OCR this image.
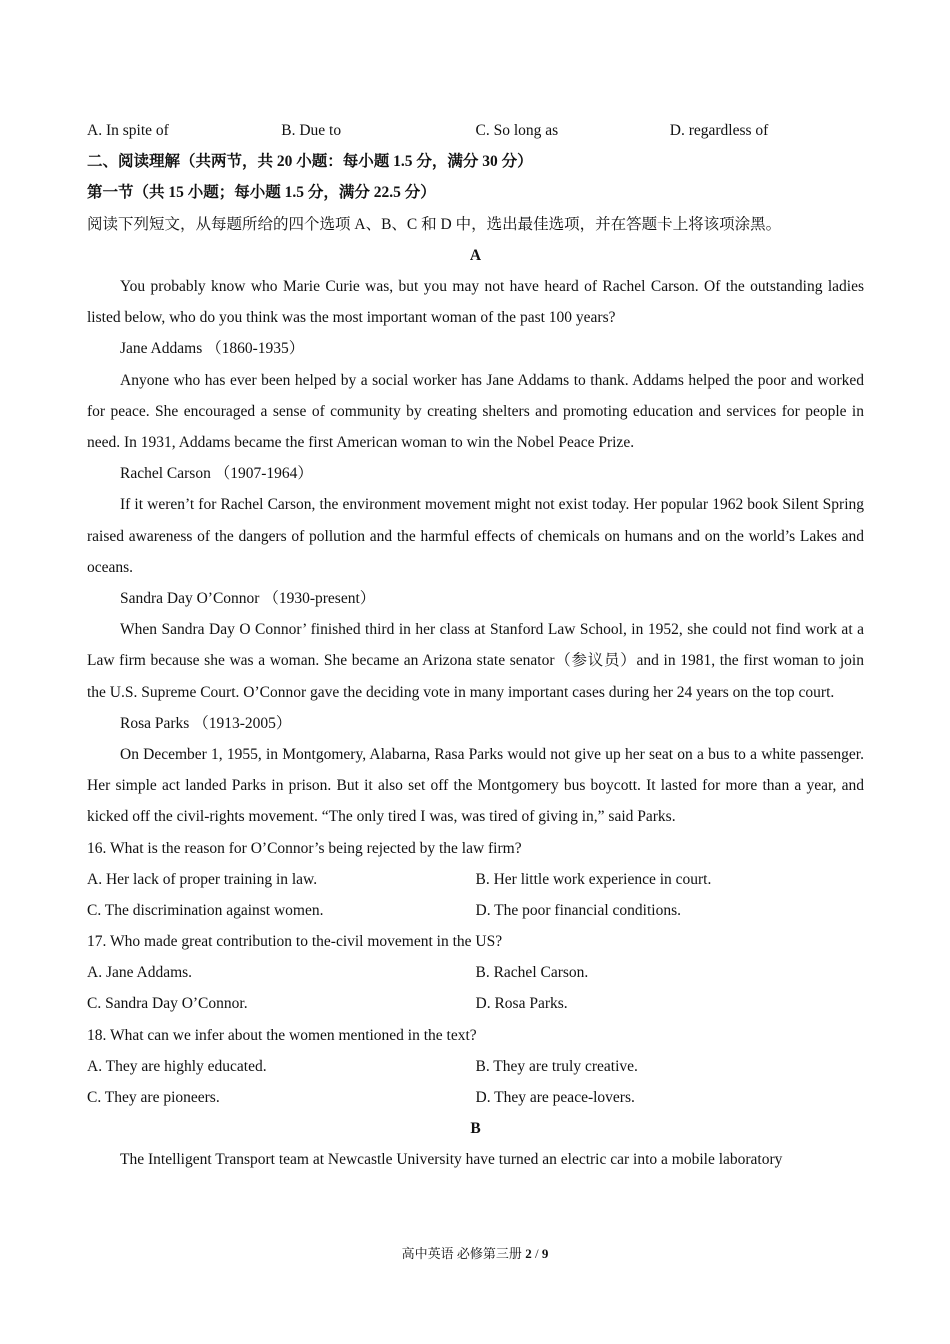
A. In spite of	B. Due to	C. So long as	D. regardless of
二、阅读理解（共两节，共 20 小题：每小题 1.5 分，满分 30 分）
第一节（共 15 小题；每小题 1.5 分，满分 22.5 分）
阅读下列短文，从每题所给的四个选项 A、B、C 和 D 中，选出最佳选项，并在答题卡上将该项涂黑。
A
You probably know who Marie Curie was, but you may not have heard of Rachel Carson. Of the outstanding ladies listed below, who do you think was the most important woman of the past 100 years?
Jane Addams （1860-1935）
Anyone who has ever been helped by a social worker has Jane Addams to thank. Addams helped the poor and worked for peace. She encouraged a sense of community by creating shelters and promoting education and services for people in need. In 1931, Addams became the first American woman to win the Nobel Peace Prize.
Rachel Carson （1907-1964）
If it weren’t for Rachel Carson, the environment movement might not exist today. Her popular 1962 book Silent Spring raised awareness of the dangers of pollution and the harmful effects of chemicals on humans and on the world’s Lakes and oceans.
Sandra Day O’Connor （1930-present）
When Sandra Day O Connor’ finished third in her class at Stanford Law School, in 1952, she could not find work at a Law firm because she was a woman. She became an Arizona state senator（参议员）and in 1981, the first woman to join the U.S. Supreme Court. O’Connor gave the deciding vote in many important cases during her 24 years on the top court.
Rosa Parks （1913-2005）
On December 1, 1955, in Montgomery, Alabarna, Rasa Parks would not give up her seat on a bus to a white passenger. Her simple act landed Parks in prison. But it also set off the Montgomery bus boycott. It lasted for more than a year, and kicked off the civil-rights movement. “The only tired I was, was tired of giving in,” said Parks.
16. What is the reason for O’Connor’s being rejected by the law firm?
A. Her lack of proper training in law.	B. Her little work experience in court.
C. The discrimination against women.	D. The poor financial conditions.
17. Who made great contribution to the-civil movement in the US?
A. Jane Addams.	B. Rachel Carson.
C. Sandra Day O’Connor.	D. Rosa Parks.
18. What can we infer about the women mentioned in the text?
A. They are highly educated.	B. They are truly creative.
C. They are pioneers.	D. They are peace-lovers.
B
The Intelligent Transport team at Newcastle University have turned an electric car into a mobile laboratory
高中英语 必修第三册 2 / 9
